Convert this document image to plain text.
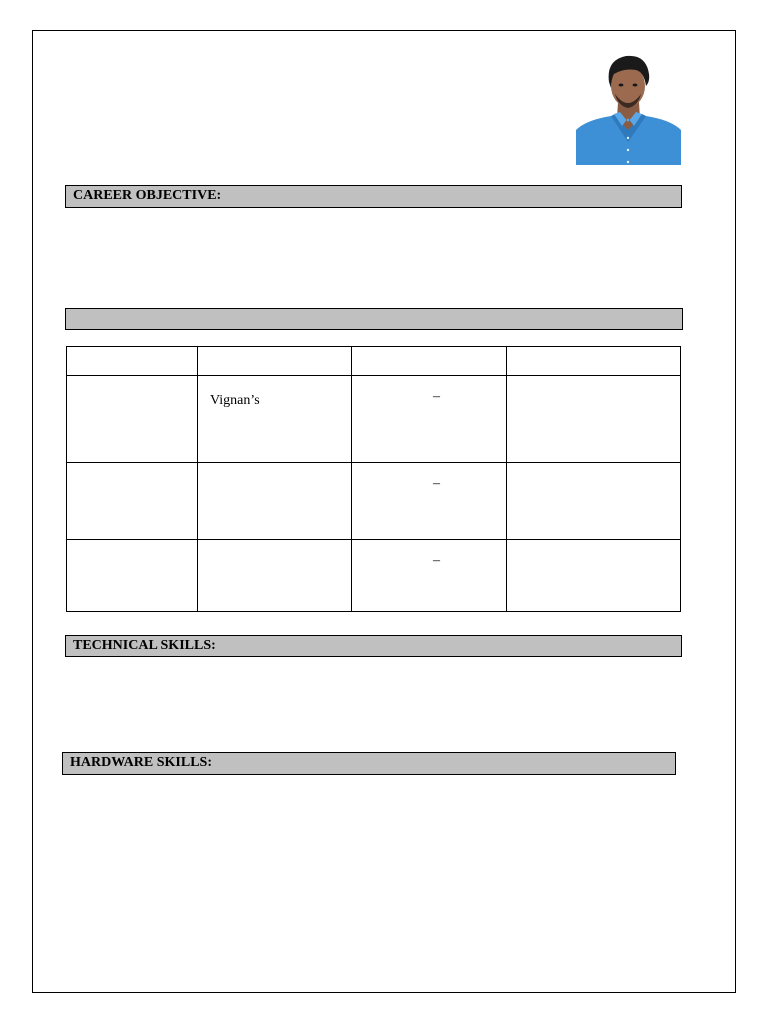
CAREER OBJECTIVE:

	Vignan’s	–	

		–	

		–	

TECHNICAL SKILLS:
HARDWARE SKILLS:
